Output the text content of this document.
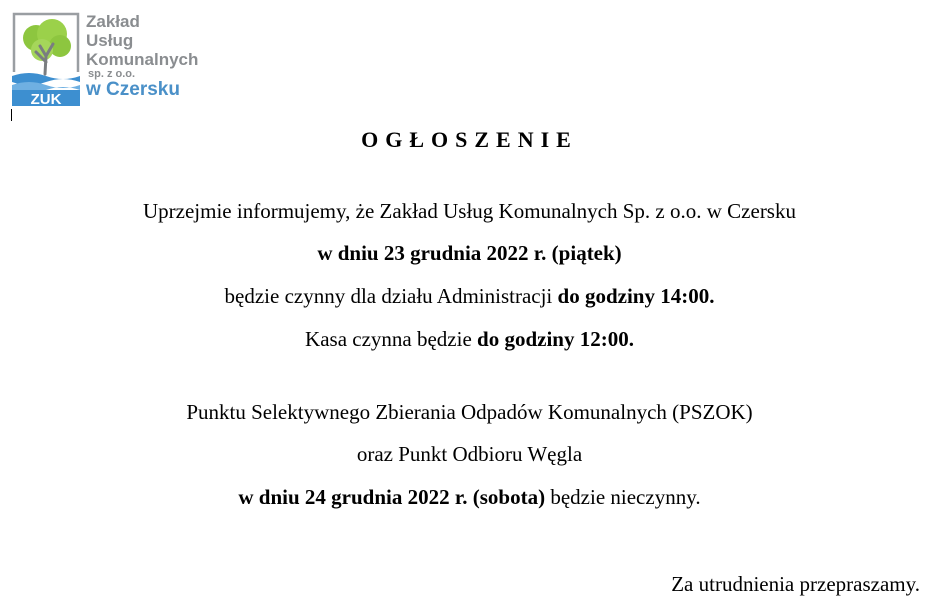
ZUK
Zakład
Usług
Komunalnych
sp. z o.o.
w Czersku
OGŁOSZENIE
Uprzejmie informujemy, że Zakład Usług Komunalnych Sp. z o.o. w Czersku
w dniu 23 grudnia 2022 r. (piątek)
będzie czynny dla działu Administracji do godziny 14:00.
Kasa czynna będzie do godziny 12:00.
Punktu Selektywnego Zbierania Odpadów Komunalnych (PSZOK)
oraz Punkt Odbioru Węgla
w dniu 24 grudnia 2022 r. (sobota) będzie nieczynny.
Za utrudnienia przepraszamy.
